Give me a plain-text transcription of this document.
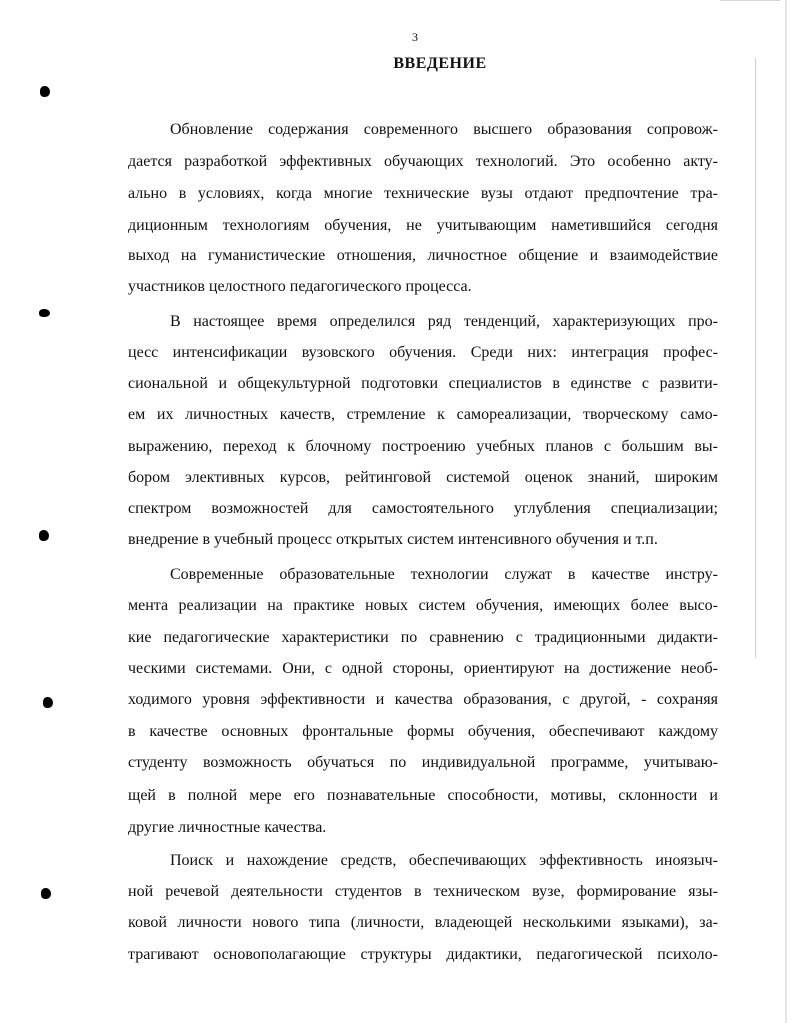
3
ВВЕДЕНИЕ
Обновление содержания современного высшего образования сопровож-
дается разработкой эффективных обучающих технологий. Это особенно акту-
ально в условиях, когда многие технические вузы отдают предпочтение тра-
диционным технологиям обучения, не учитывающим наметившийся сегодня
выход на гуманистические отношения, личностное общение и взаимодействие
участников целостного педагогического процесса.
В настоящее время определился ряд тенденций, характеризующих про-
цесс интенсификации вузовского обучения. Среди них: интеграция профес-
сиональной и общекультурной подготовки специалистов в единстве с развити-
ем их личностных качеств, стремление к самореализации, творческому само-
выражению, переход к блочному построению учебных планов с большим вы-
бором элективных курсов, рейтинговой системой оценок знаний, широким
спектром возможностей для самостоятельного углубления специализации;
внедрение в учебный процесс открытых систем интенсивного обучения и т.п.
Современные образовательные технологии служат в качестве инстру-
мента реализации на практике новых систем обучения, имеющих более высо-
кие педагогические характеристики по сравнению с традиционными дидакти-
ческими системами. Они, с одной стороны, ориентируют на достижение необ-
ходимого уровня эффективности и качества образования, с другой, - сохраняя
в качестве основных фронтальные формы обучения, обеспечивают каждому
студенту возможность обучаться по индивидуальной программе, учитываю-
щей в полной мере его познавательные способности, мотивы, склонности и
другие личностные качества.
Поиск и нахождение средств, обеспечивающих эффективность иноязыч-
ной речевой деятельности студентов в техническом вузе, формирование язы-
ковой личности нового типа (личности, владеющей несколькими языками), за-
трагивают основополагающие структуры дидактики, педагогической психоло-
